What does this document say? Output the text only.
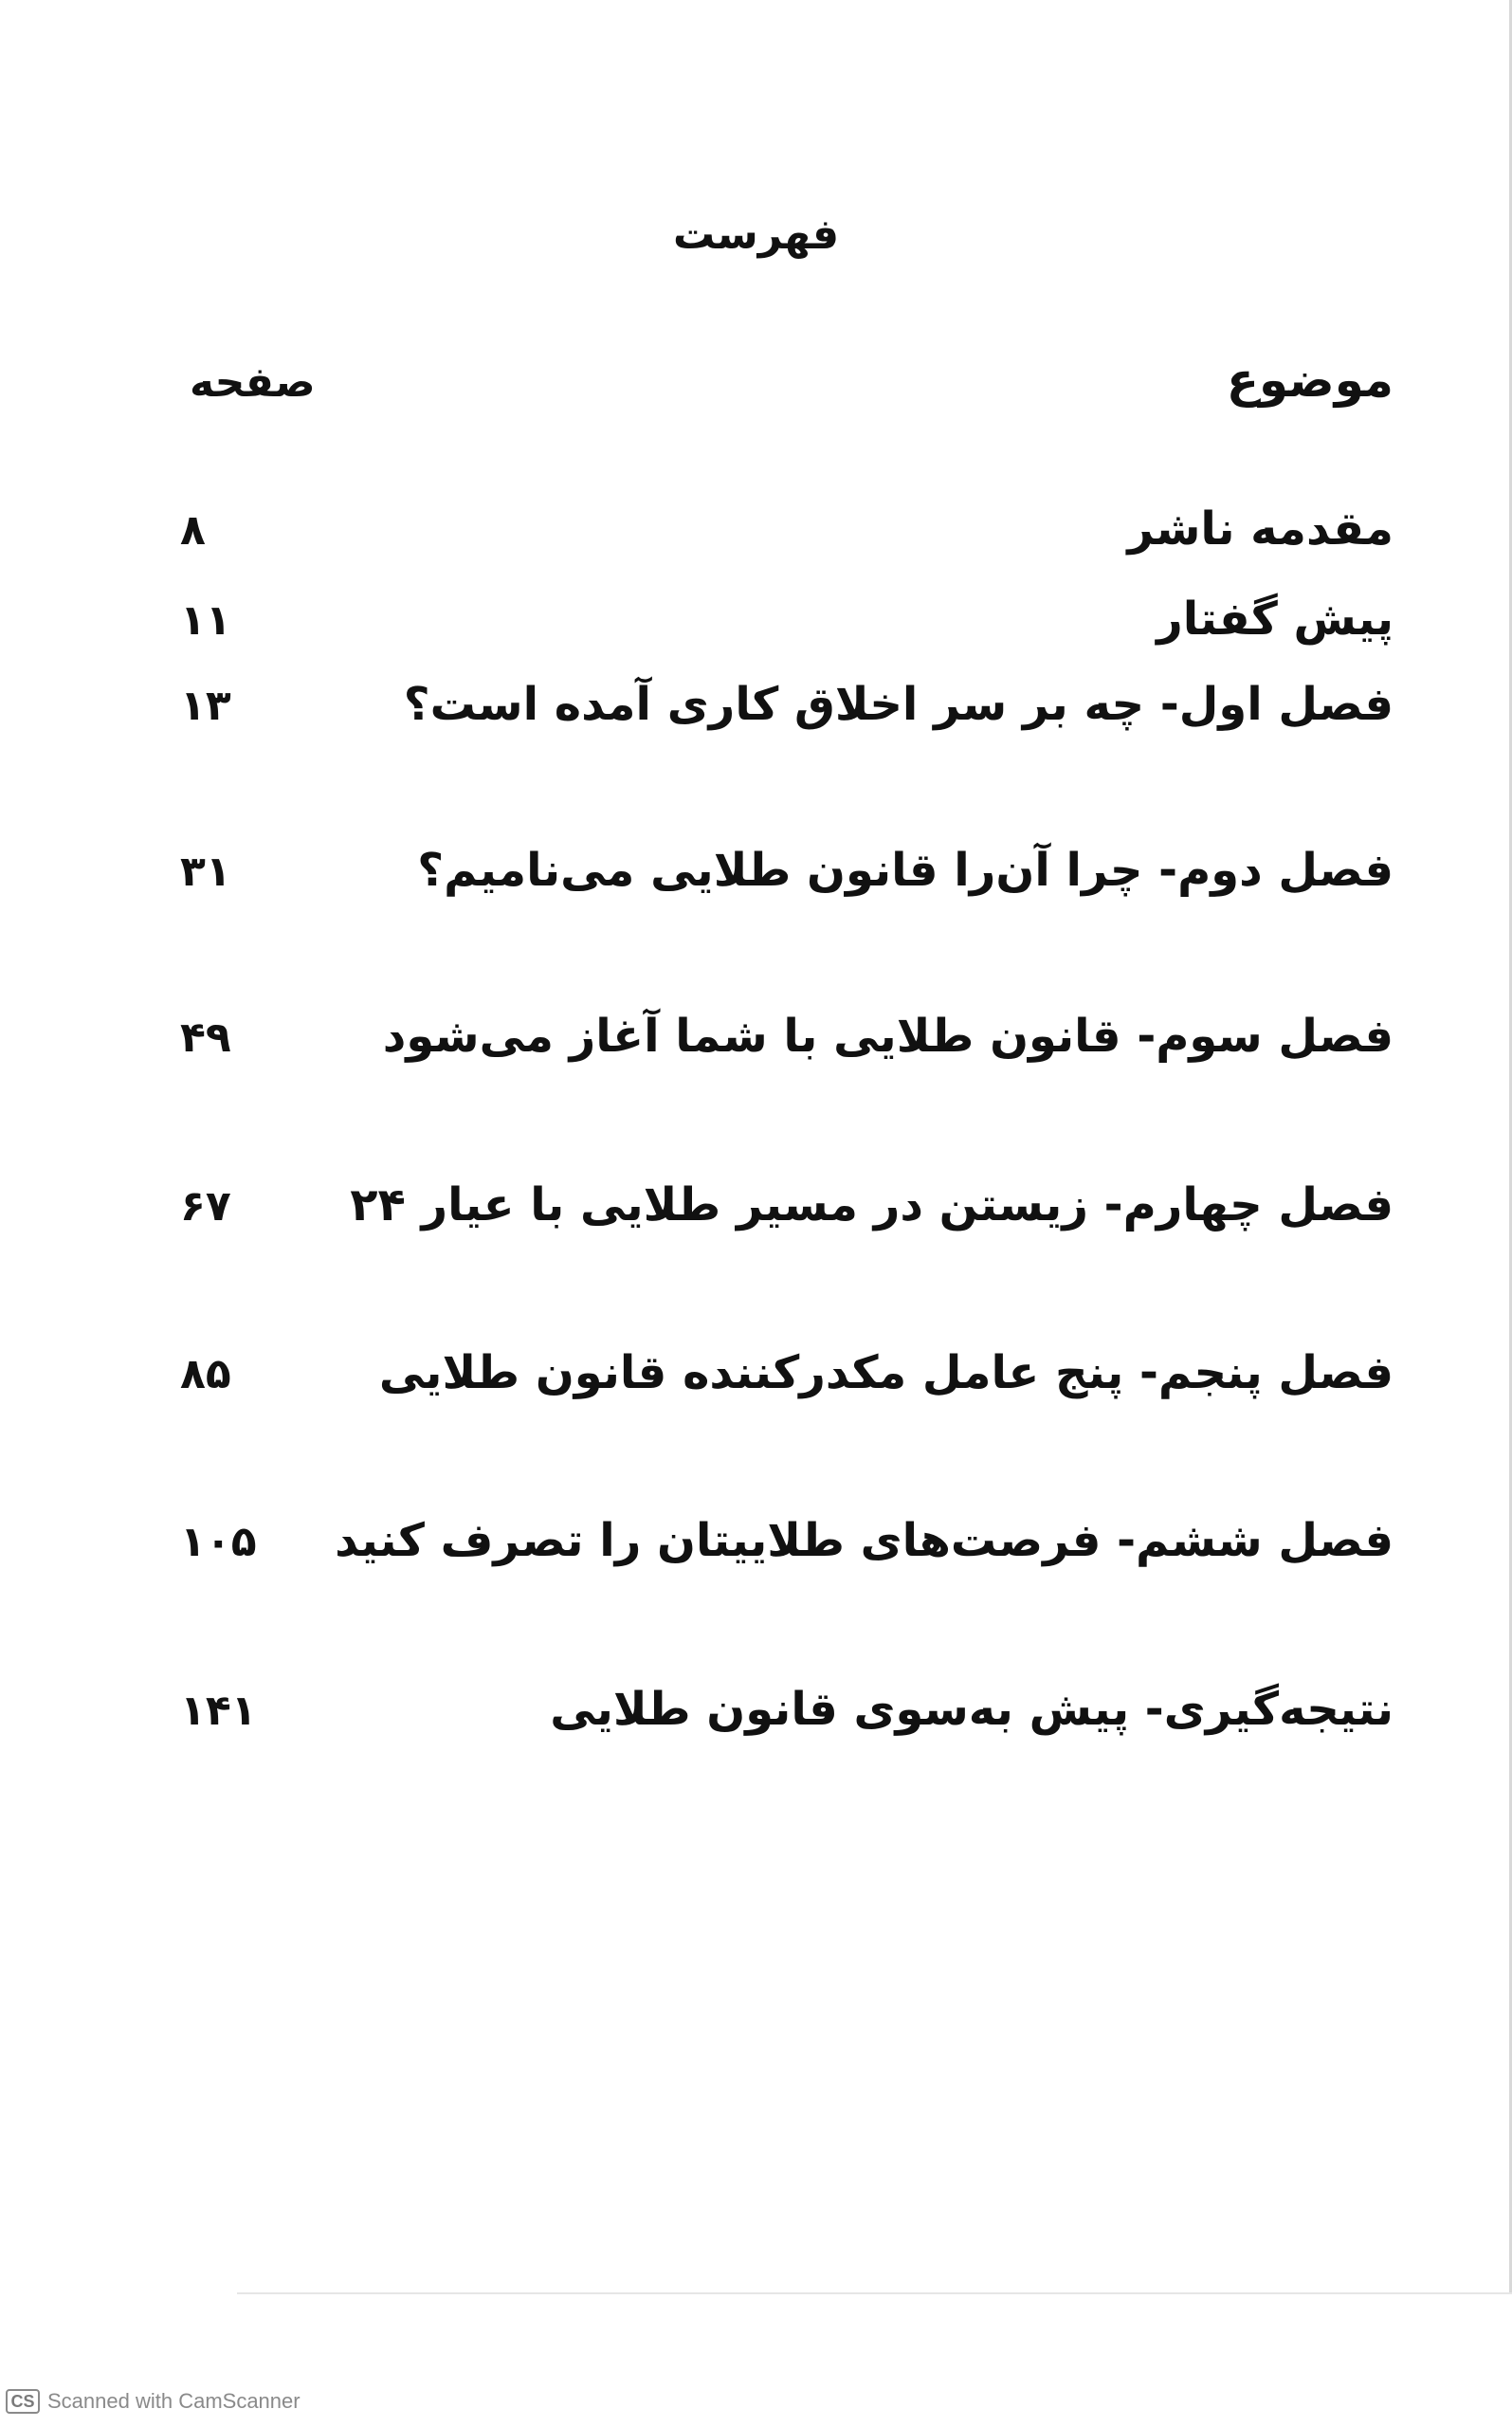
فهرست
موضوع
صفحه
مقدمه ناشر
۸
پیش گفتار
۱۱
فصل اول- چه بر سر اخلاق کاری آمده است؟
۱۳
فصل دوم- چرا آن‌را قانون طلایی می‌نامیم؟
۳۱
فصل سوم- قانون طلایی با شما آغاز می‌شود
۴۹
فصل چهارم- زیستن در مسیر طلایی با عیار ۲۴
۶۷
فصل پنجم- پنج عامل مکدرکننده قانون طلایی
۸۵
فصل ششم- فرصت‌های طلاییتان را تصرف کنید
۱۰۵
نتیجه‌گیری- پیش به‌سوی قانون طلایی
۱۴۱
CS Scanned with CamScanner
